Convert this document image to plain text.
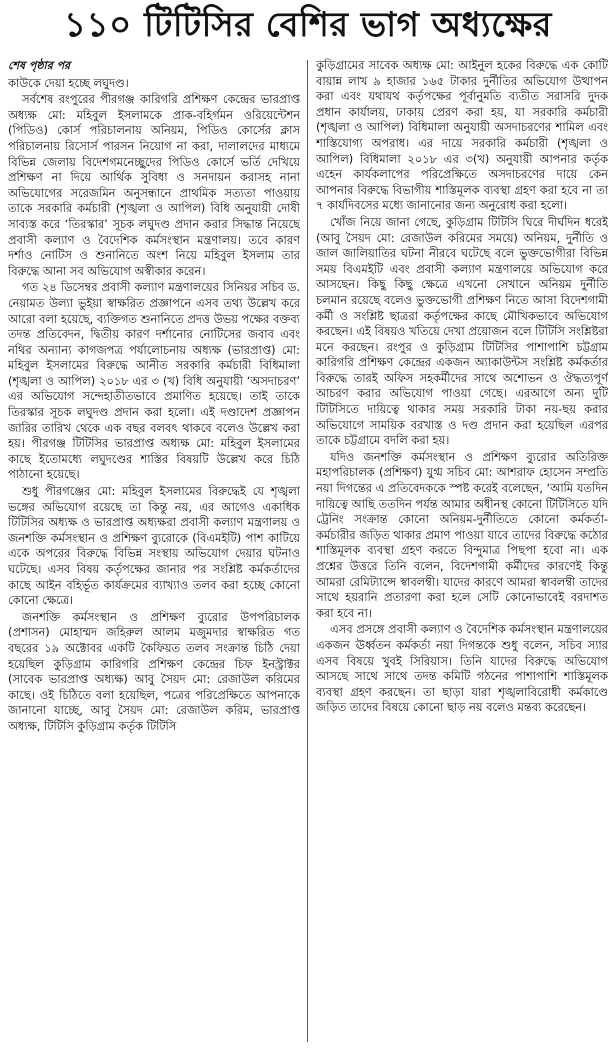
১১০ টিটিসির বেশির ভাগ অধ্যক্ষের
শেষ পৃষ্ঠার পর

কাউকে দেয়া হচ্ছে লঘুদণ্ড।

সর্বশেষ রংপুরের পীরগঞ্জ কারিগরি প্রশিক্ষণ কেন্দ্রের ভারপ্রাপ্ত অধ্যক্ষ মো: মহিবুল ইসলামকে প্রাক-বহির্গমন ওরিয়েন্টেশন (পিডিও) কোর্স পরিচালনায় অনিয়ম, পিডিও কোর্সের ক্লাস পরিচালনায় রিসোর্স পারসন নিয়োগ না করা, দালালদের মাধ্যমে বিভিন্ন জেলায় বিদেশগমনেচ্ছুদের পিডিও কোর্সে ভর্তি দেখিয়ে প্রশিক্ষণ না দিয়ে আর্থিক সুবিধা ও সনদায়ন করাসহ নানা অভিযোগের সরেজমিন অনুসন্ধানে প্রাথমিক সত্যতা পাওয়ায় তাকে সরকারি কর্মচারী (শৃঙ্খলা ও আপিল) বিধি অনুযায়ী দোষী সাব্যস্ত করে ‘তিরস্কার’ সূচক লঘুদণ্ড প্রদান করার সিদ্ধান্ত নিয়েছে প্রবাসী কল্যাণ ও বৈদেশিক কর্মসংস্থান মন্ত্রণালয়। তবে কারণ দর্শাও নোটিস ও শুনানিতে অংশ নিয়ে মহিবুল ইসলাম তার বিরুদ্ধে আনা সব অভিযোগ অস্বীকার করেন।

গত ২৪ ডিসেম্বর প্রবাসী কল্যাণ মন্ত্রণালয়ের সিনিয়র সচিব ড. নেয়ামত উল্যা ভুইয়া স্বাক্ষরিত প্রজ্ঞাপনে এসব তথ্য উল্লেখ করে আরো বলা হয়েছে, ব্যক্তিগত শুনানিতে প্রদত্ত উভয় পক্ষের বক্তব্য তদন্ত প্রতিবেদন, দ্বিতীয় কারণ দর্শানোর নোটিসের জবাব এবং নথির অন্যান্য কাগজপত্র পর্যালোচনায় অধ্যক্ষ (ভারপ্রাপ্ত) মো: মহিবুল ইসলামের বিরুদ্ধে আনীত সরকারি কর্মচারী বিধিমালা (শৃঙ্খলা ও আপিল) ২০১৮ এর ৩ (খ) বিধি অনুযায়ী ‘অসদাচরণ’ এর অভিযোগ সন্দেহাতীতভাবে প্রমাণিত হয়েছে। তাই তাকে তিরস্কার সূচক লঘুদণ্ড প্রদান করা হলো। এই দণ্ডাদেশ প্রজ্ঞাপন জারির তারিখ থেকে এক বছর বলবৎ থাকবে বলেও উল্লেখ করা হয়। পীরগঞ্জ টিটিসির ভারপ্রাপ্ত অধ্যক্ষ মো: মহিবুল ইসলামের কাছে ইতোমধ্যে লঘুদণ্ডের শাস্তির বিষয়টি উল্লেখ করে চিঠি পাঠানো হয়েছে।

শুধু পীরগঞ্জের মো: মহিবুল ইসলামের বিরুদ্ধেই যে শৃঙ্খলা ভঙ্গের অভিযোগ রয়েছে তা কিন্তু নয়, এর আগেও একাধিক টিটিসির অধ্যক্ষ ও ভারপ্রাপ্ত অধ্যক্ষরা প্রবাসী কল্যাণ মন্ত্রণালয় ও জনশক্তি কর্মসংস্থান ও প্রশিক্ষণ ব্যুরোকে (বিএমইটি) পাশ কাটিয়ে একে অপরের বিরুদ্ধে বিভিন্ন সংস্থায় অভিযোগ দেয়ার ঘটনাও ঘটেছে। এসব বিষয় কর্তৃপক্ষের জানার পর সংশ্লিষ্ট কর্মকর্তাদের কাছে আইন বহির্ভূত কার্যক্রমের ব্যাখ্যাও তলব করা হচ্ছে কোনো কোনো ক্ষেত্রে।

জনশক্তি কর্মসংস্থান ও প্রশিক্ষণ ব্যুরোর উপপরিচালক (প্রশাসন) মোহাম্মদ জহিরুল আলম মজুমদার স্বাক্ষরিত গত বছরের ১৯ অক্টোবর একটি কৈফিয়ত তলব সংক্রান্ত চিঠি দেয়া হয়েছিল কুড়িগ্রাম কারিগরি প্রশিক্ষণ কেন্দ্রের চিফ ইনস্ট্রাক্টর (সাবেক ভারপ্রাপ্ত অধ্যক্ষ) আবু সৈয়দ মো: রেজাউল করিমের কাছে। ওই চিঠিতে বলা হয়েছিল, পত্রের পরিপ্রেক্ষিতে আপনাকে জানানো যাচ্ছে, আবু সৈয়দ মো: রেজাউল করিম, ভারপ্রাপ্ত অধ্যক্ষ, টিটিসি কুড়িগ্রাম কর্তৃক টিটিসি

কুড়িগ্রামের সাবেক অধ্যক্ষ মো: আইনুল হকের বিরুদ্ধে এক কোটি বায়ান্ন লাখ ৯ হাজার ১৬৫ টাকার দুর্নীতির অভিযোগ উত্থাপন করা এবং যথাযথ কর্তৃপক্ষের পূর্বানুমতি ব্যতীত সরাসরি দুদক প্রধান কার্যালয়, ঢাকায় প্রেরণ করা হয়, যা সরকারি কর্মচারী (শৃঙ্খলা ও আপিল) বিধিমালা অনুযায়ী অসদাচরণের শামিল এবং শাস্তিযোগ্য অপরাধ। এর দায়ে সরকারি কর্মচারী (শৃঙ্খলা ও আপিল) বিধিমালা ২০১৮ এর ৩(খ) অনুযায়ী আপনার কর্তৃক এহেন কার্যকলাপের পরিপ্রেক্ষিতে অসদাচরণের দায়ে কেন আপনার বিরুদ্ধে বিভাগীয় শাস্তিমূলক ব্যবস্থা গ্রহণ করা হবে না তা ৭ কার্যদিবসের মধ্যে জানানোর জন্য অনুরোধ করা হলো।

খোঁজ নিয়ে জানা গেছে, কুড়িগ্রাম টিটিসি ঘিরে দীর্ঘদিন ধরেই (আবু সৈয়দ মো: রেজাউল করিমের সময়ে) অনিয়ম, দুর্নীতি ও জাল জালিয়াতির ঘটনা নীরবে ঘটেছে বলে ভুক্তভোগীরা বিভিন্ন সময় বিএমইটি এবং প্রবাসী কল্যাণ মন্ত্রণালয়ে অভিযোগ করে আসছেন। কিছু কিছু ক্ষেত্রে এখনো সেখানে অনিয়ম দুর্নীতি চলমান রয়েছে বলেও ভুক্তভোগী প্রশিক্ষণ নিতে আসা বিদেশগামী কর্মী ও সংশ্লিষ্ট ছাত্ররা কর্তৃপক্ষের কাছে মৌখিকভাবে অভিযোগ করছেন। এই বিষয়ও খতিয়ে দেখা প্রয়োজন বলে টিটিসি সংশ্লিষ্টরা মনে করছেন। রংপুর ও কুড়িগ্রাম টিটিসির পাশাপাশি চট্টগ্রাম কারিগরি প্রশিক্ষণ কেন্দ্রের একজন অ্যাকাউন্টস সংশ্লিষ্ট কর্মকর্তার বিরুদ্ধে তারই অফিস সহকর্মীদের সাথে অশোভন ও ঔদ্ধত্যপূর্ণ আচরণ করার অভিযোগ পাওয়া গেছে। এরআগে অন্য দুটি টিটিসিতে দায়িত্বে থাকার সময় সরকারি টাকা নয়-ছয় করার অভিযোগে সাময়িক বরখাস্ত ও দণ্ড প্রদান করা হয়েছিল এরপর তাকে চট্টগ্রামে বদলি করা হয়।

যদিও জনশক্তি কর্মসংস্থান ও প্রশিক্ষণ ব্যুরোর অতিরিক্ত মহাপরিচালক (প্রশিক্ষণ) যুগ্ম সচিব মো: আশরাফ হোসেন সম্প্রতি নয়া দিগন্তের এ প্রতিবেদককে স্পষ্ট করেই বলেছেন, ‘আমি যতদিন দায়িত্বে আছি ততদিন পর্যন্ত আমার অধীনস্থ কোনো টিটিসিতে যদি ট্রেনিং সংক্রান্ত কোনো অনিয়ম-দুর্নীতিতে কোনো কর্মকর্তা-কর্মচারীর জড়িত থাকার প্রমাণ পাওয়া যাবে তাদের বিরুদ্ধে কঠোর শাস্তিমূলক ব্যবস্থা গ্রহণ করতে বিন্দুমাত্র পিছপা হবো না। এক প্রশ্নের উত্তরে তিনি বলেন, বিদেশগামী কর্মীদের কারণেই কিন্তু আমরা রেমিট্যান্সে স্বাবলম্বী। যাদের কারণে আমরা স্বাবলম্বী তাদের সাথে হয়রানি প্রতারণা করা হলে সেটি কোনোভাবেই বরদাশত করা হবে না।

এসব প্রসঙ্গে প্রবাসী কল্যাণ ও বৈদেশিক কর্মসংস্থান মন্ত্রণালয়ের একজন ঊর্ধ্বতন কর্মকর্তা নয়া দিগন্তকে শুধু বলেন, সচিব স্যার এসব বিষয়ে খুবই সিরিয়াস। তিনি যাদের বিরুদ্ধে অভিযোগ আসছে সাথে সাথে তদন্ত কমিটি গঠনের পাশাপাশি শাস্তিমূলক ব্যবস্থা গ্রহণ করছেন। তা ছাড়া যারা শৃঙ্খলাবিরোধী কর্মকাণ্ডে জড়িত তাদের বিষয়ে কোনো ছাড় নয় বলেও মন্তব্য করেছেন।
